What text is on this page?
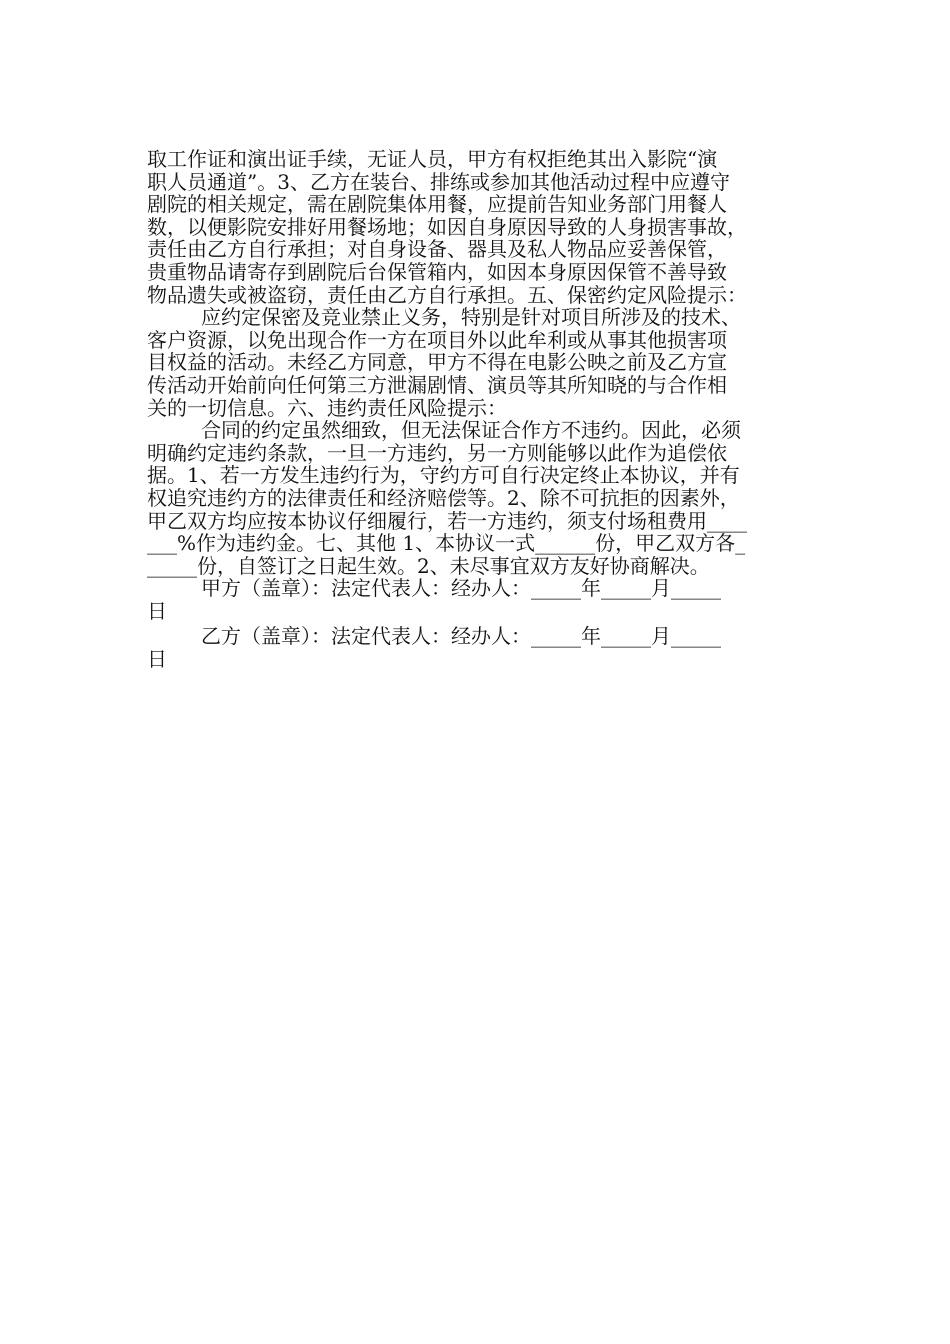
取工作证和演出证手续，无证人员，甲方有权拒绝其出入影院“演
职人员通道”。3、乙方在装台、排练或参加其他活动过程中应遵守
剧院的相关规定，需在剧院集体用餐，应提前告知业务部门用餐人
数，以便影院安排好用餐场地；如因自身原因导致的人身损害事故，
责任由乙方自行承担；对自身设备、器具及私人物品应妥善保管，
贵重物品请寄存到剧院后台保管箱内，如因本身原因保管不善导致
物品遗失或被盗窃，责任由乙方自行承担。五、保密约定风险提示：
应约定保密及竞业禁止义务，特别是针对项目所涉及的技术、
客户资源，以免出现合作一方在项目外以此牟利或从事其他损害项
目权益的活动。未经乙方同意，甲方不得在电影公映之前及乙方宣
传活动开始前向任何第三方泄漏剧情、演员等其所知晓的与合作相
关的一切信息。六、违约责任风险提示：
合同的约定虽然细致，但无法保证合作方不违约。因此，必须
明确约定违约条款，一旦一方违约，另一方则能够以此作为追偿依
据。1、若一方发生违约行为，守约方可自行决定终止本协议，并有
权追究违约方的法律责任和经济赔偿等。2、除不可抗拒的因素外，
甲乙双方均应按本协议仔细履行，若一方违约，须支付场租费用____
___%作为违约金。七、其他 1、本协议一式______份，甲乙双方各_
_____份，自签订之日起生效。2、未尽事宜双方友好协商解决。
甲方（盖章）：法定代表人：经办人：_____年_____月_____
日
乙方（盖章）：法定代表人：经办人：_____年_____月_____
日
